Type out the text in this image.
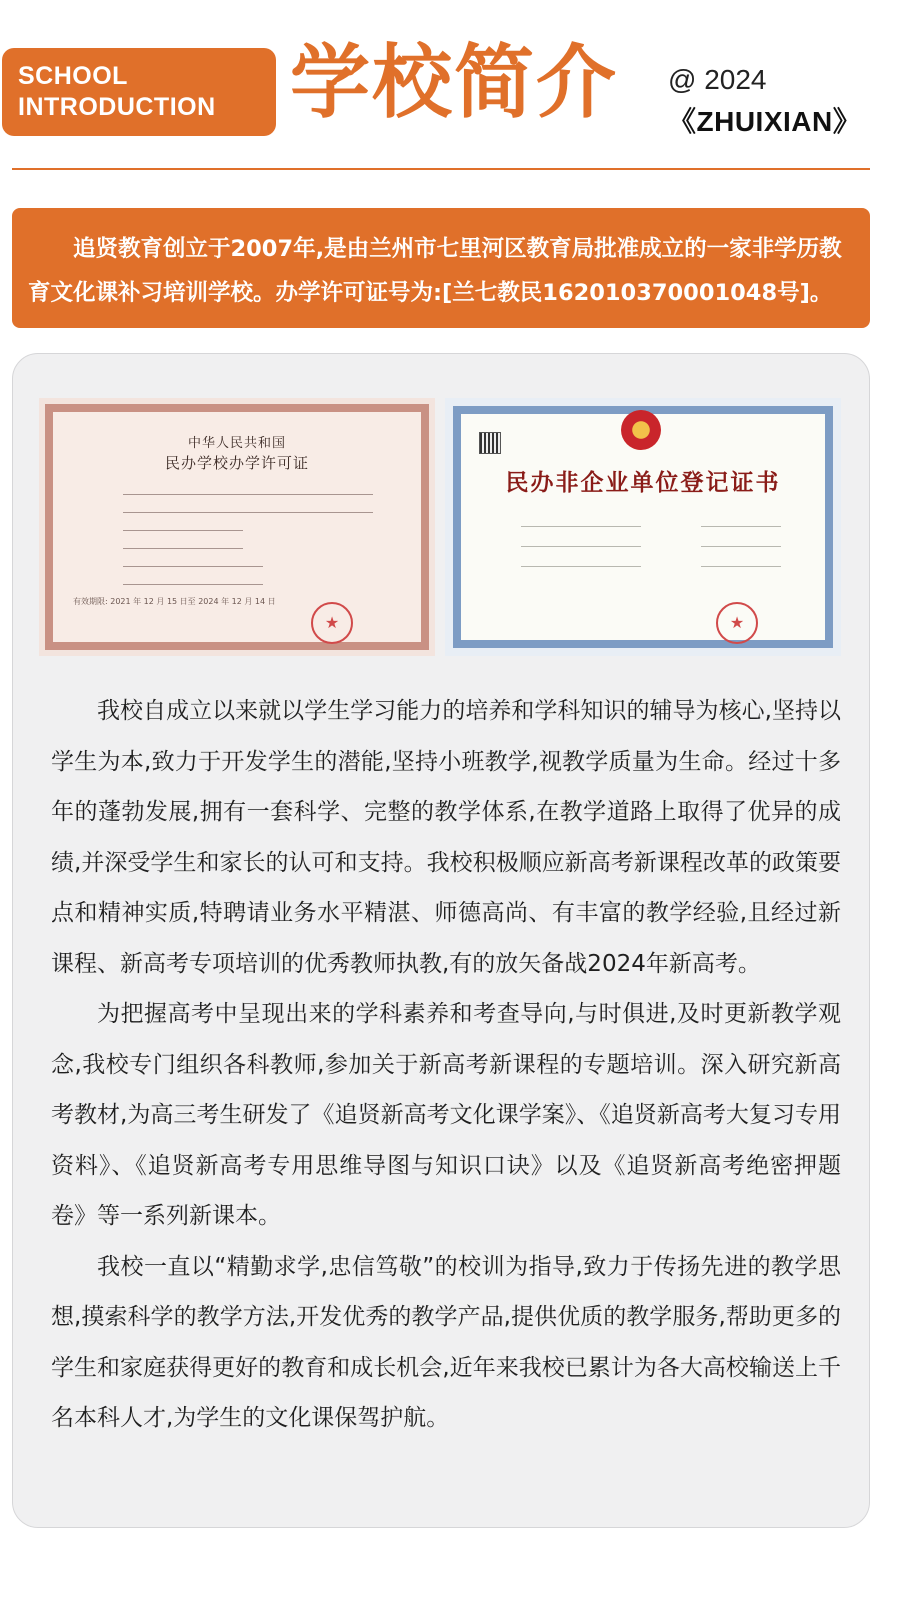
SCHOOL
INTRODUCTION 学校简介 @ 2024
《ZHUIXIAN》
追贤教育创立于2007年,是由兰州市七里河区教育局批准成立的一家非学历教育文化课补习培训学校。办学许可证号为:[兰七教民162010370001048号]。
中华人民共和国
民办学校办学许可证
有效期限: 2021 年 12 月 15 日至 2024 年 12 月 14 日
★
民办非企业单位登记证书
★

我校自成立以来就以学生学习能力的培养和学科知识的辅导为核心,坚持以学生为本,致力于开发学生的潜能,坚持小班教学,视教学质量为生命。经过十多年的蓬勃发展,拥有一套科学、完整的教学体系,在教学道路上取得了优异的成绩,并深受学生和家长的认可和支持。我校积极顺应新高考新课程改革的政策要点和精神实质,特聘请业务水平精湛、师德高尚、有丰富的教学经验,且经过新课程、新高考专项培训的优秀教师执教,有的放矢备战2024年新高考。

为把握高考中呈现出来的学科素养和考查导向,与时俱进,及时更新教学观念,我校专门组织各科教师,参加关于新高考新课程的专题培训。深入研究新高考教材,为高三考生研发了《追贤新高考文化课学案》、《追贤新高考大复习专用资料》、《追贤新高考专用思维导图与知识口诀》以及《追贤新高考绝密押题卷》等一系列新课本。

我校一直以“精勤求学,忠信笃敬”的校训为指导,致力于传扬先进的教学思想,摸索科学的教学方法,开发优秀的教学产品,提供优质的教学服务,帮助更多的学生和家庭获得更好的教育和成长机会,近年来我校已累计为各大高校输送上千名本科人才,为学生的文化课保驾护航。
